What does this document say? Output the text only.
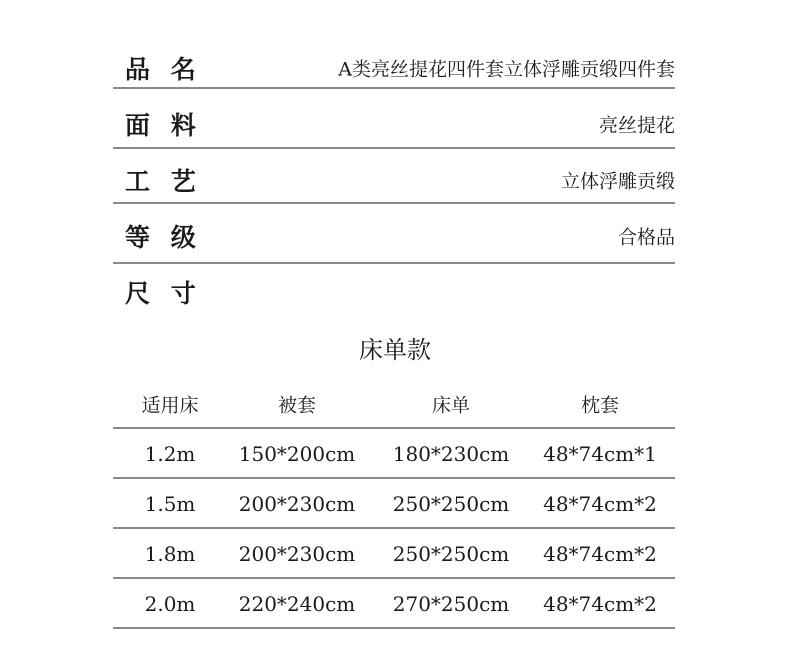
品 名	A类亮丝提花四件套立体浮雕贡缎四件套
面 料	亮丝提花
工 艺	立体浮雕贡缎
等 级	合格品
尺 寸
床单款
适用床	被套	床单	枕套
1.2m 150*200cm 180*230cm 48*74cm*1
1.5m 200*230cm 250*250cm 48*74cm*2
1.8m 200*230cm 250*250cm 48*74cm*2
2.0m 220*240cm 270*250cm 48*74cm*2
